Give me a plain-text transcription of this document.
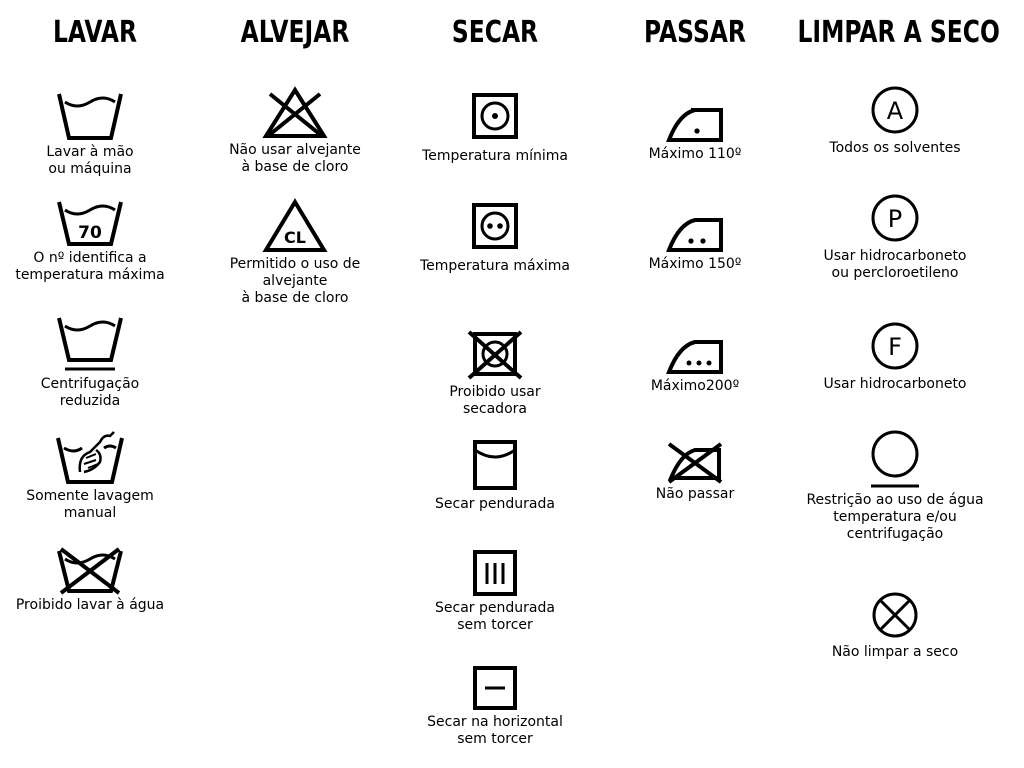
LAVAR	ALVEJAR	SECAR	PASSAR	LIMPAR A SECO
Lavar à mão
ou máquina
70
O nº identifica a
temperatura máxima
Centrifugação
reduzida
Somente lavagem
manual
Proibido lavar à água
Não usar alvejante
à base de cloro
CL
Permitido o uso de
alvejante
à base de cloro
Temperatura mínima
Temperatura máxima
Proibido usar
secadora
Secar pendurada
Secar pendurada
sem torcer
Secar na horizontal
sem torcer
Máximo 110º
Máximo 150º
Máximo200º
Não passar
A
Todos os solventes
P
Usar hidrocarboneto
ou percloroetileno
F
Usar hidrocarboneto
Restrição ao uso de água
temperatura e/ou
centrifugação
Não limpar a seco
